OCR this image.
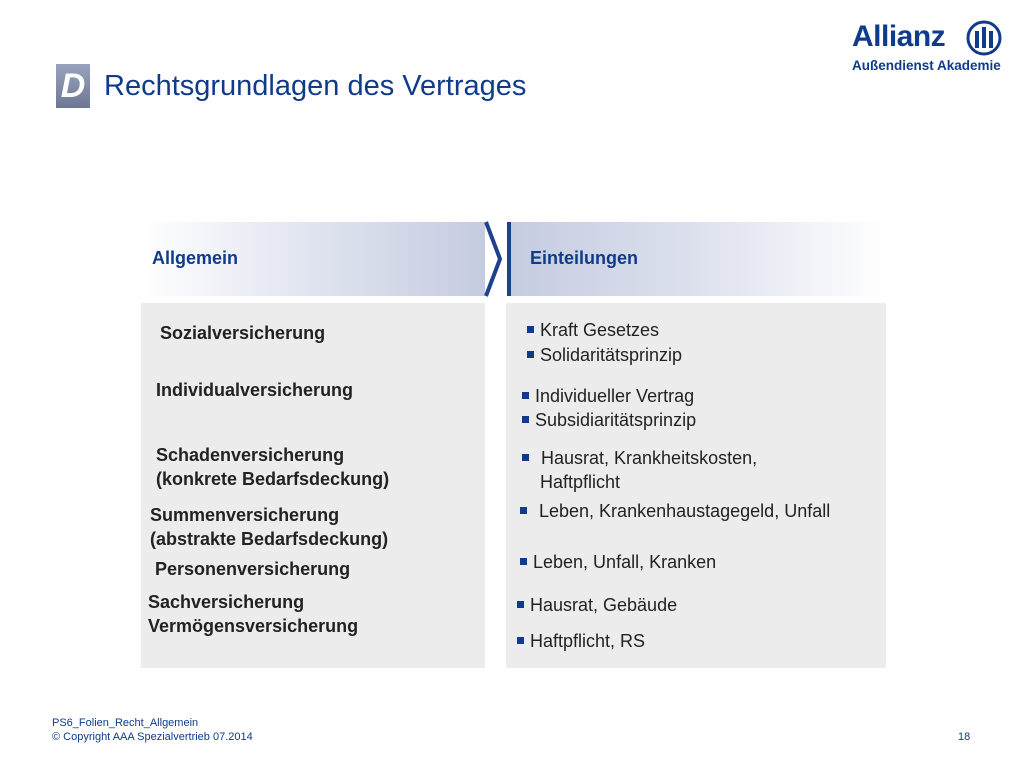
D Rechtsgrundlagen des Vertrages
Allianz
Außendienst Akademie
Allgemein	Einteilungen
Sozialversicherung
Individualversicherung
Schadenversicherung
(konkrete Bedarfsdeckung)
Summenversicherung
(abstrakte Bedarfsdeckung)
Personenversicherung
Sachversicherung
Vermögensversicherung
Kraft Gesetzes
Solidaritätsprinzip
Individueller Vertrag
Subsidiaritätsprinzip
Hausrat, Krankheitskosten,
Haftpflicht
Leben, Krankenhaustagegeld, Unfall
Leben, Unfall, Kranken
Hausrat, Gebäude
Haftpflicht, RS
PS6_Folien_Recht_Allgemein
© Copyright AAA Spezialvertrieb 07.2014	18
